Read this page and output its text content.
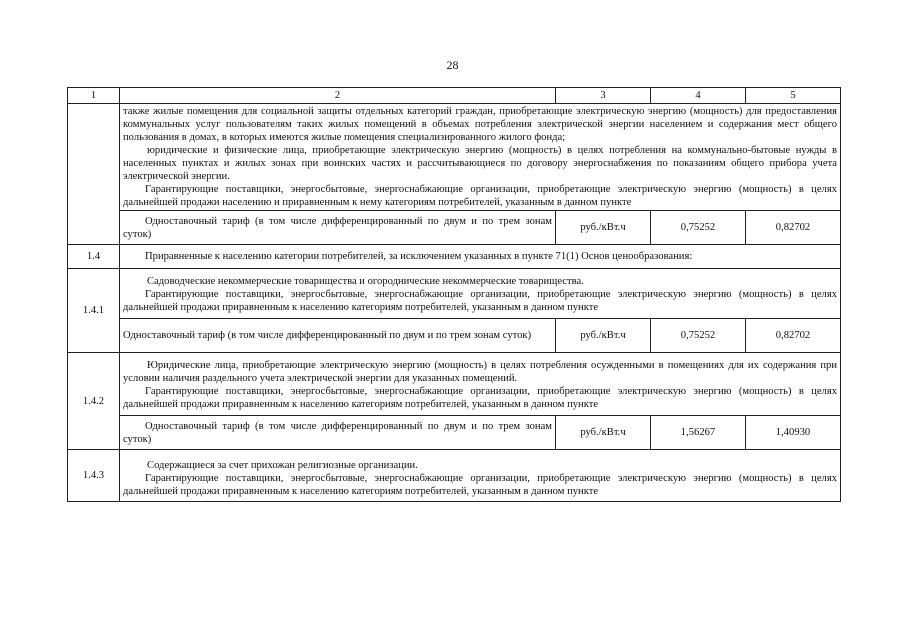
28
1	2	3	4	5

	также жилые помещения для социальной защиты отдельных категорий граждан, приобретающие электрическую энергию (мощность) для предоставления коммунальных услуг пользователям таких жилых помещений в объемах потребления электрической энергии населением и содержания мест общего пользования в домах, в которых имеются жилые помещения специализированного жилого фонда;

юридические и физические лица, приобретающие электрическую энергию (мощность) в целях потребления на коммунально-бытовые нужды в населенных пунктах и жилых зонах при воинских частях и рассчитывающиеся по договору энергоснабжения по показаниям общего прибора учета электрической энергии.

Гарантирующие поставщики, энергосбытовые, энергоснабжающие организации, приобретающие электрическую энергию (мощность) в целях дальнейшей продажи населению и приравненным к нему категориям потребителей, указанным в данном пункте			

	Одноставочный тариф (в том числе дифференцированный по двум и по трем зонам суток)	руб./кВт.ч	0,75252	0,82702
1.4	Приравненные к населению категории потребителей, за исключением указанных в пункте 71(1) Основ ценообразования:			
1.4.1	Садоводческие некоммерческие товарищества и огороднические некоммерческие товарищества.

Гарантирующие поставщики, энергосбытовые, энергоснабжающие организации, приобретающие электрическую энергию (мощность) в целях дальнейшей продажи приравненным к населению категориям потребителей, указанным в данном пункте			

	Одноставочный тариф (в том числе дифференцированный по двум и по трем зонам суток)	руб./кВт.ч	0,75252	0,82702
1.4.2	Юридические лица, приобретающие электрическую энергию (мощность) в целях потребления осужденными в помещениях для их содержания при условии наличия раздельного учета электрической энергии для указанных помещений.

Гарантирующие поставщики, энергосбытовые, энергоснабжающие организации, приобретающие электрическую энергию (мощность) в целях дальнейшей продажи приравненным к населению категориям потребителей, указанным в данном пункте			

	Одноставочный тариф (в том числе дифференцированный по двум и по трем зонам суток)	руб./кВт.ч	1,56267	1,40930
1.4.3	Содержащиеся за счет прихожан религиозные организации.

Гарантирующие поставщики, энергосбытовые, энергоснабжающие организации, приобретающие электрическую энергию (мощность) в целях дальнейшей продажи приравненным к населению категориям потребителей, указанным в данном пункте			
